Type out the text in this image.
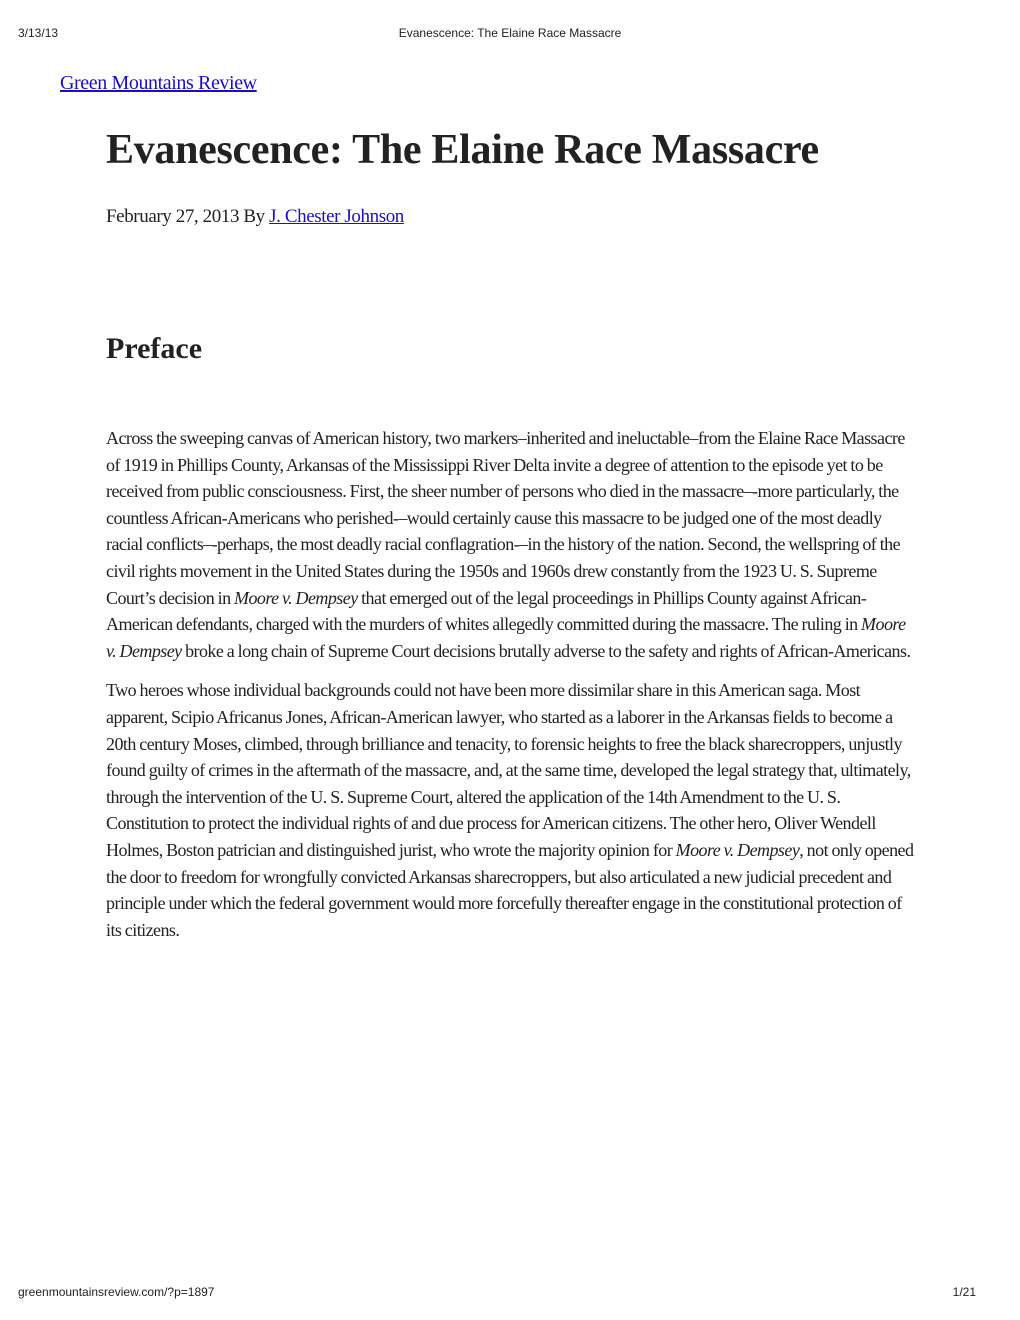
3/13/13	Evanescence: The Elaine Race Massacre
Green Mountains Review
Evanescence: The Elaine Race Massacre
February 27, 2013 By J. Chester Johnson
Preface

Across the sweeping canvas of American history, two markers–inherited and ineluctable–from the Elaine Race Massacre of 1919 in Phillips County, Arkansas of the Mississippi River Delta invite a degree of attention to the episode yet to be received from public consciousness. First, the sheer number of persons who died in the massacre–-more particularly, the countless African-Americans who perished-–would certainly cause this massacre to be judged one of the most deadly racial conflicts–-perhaps, the most deadly racial conflagration-–in the history of the nation. Second, the wellspring of the civil rights movement in the United States during the 1950s and 1960s drew constantly from the 1923 U. S. Supreme Court’s decision in Moore v. Dempsey that emerged out of the legal proceedings in Phillips County against African-American defendants, charged with the murders of whites allegedly committed during the massacre. The ruling in Moore v. Dempsey broke a long chain of Supreme Court decisions brutally adverse to the safety and rights of African-Americans.

Two heroes whose individual backgrounds could not have been more dissimilar share in this American saga. Most apparent, Scipio Africanus Jones, African-American lawyer, who started as a laborer in the Arkansas fields to become a 20th century Moses, climbed, through brilliance and tenacity, to forensic heights to free the black sharecroppers, unjustly found guilty of crimes in the aftermath of the massacre, and, at the same time, developed the legal strategy that, ultimately, through the intervention of the U. S. Supreme Court, altered the application of the 14th Amendment to the U. S. Constitution to protect the individual rights of and due process for American citizens. The other hero, Oliver Wendell Holmes, Boston patrician and distinguished jurist, who wrote the majority opinion for Moore v. Dempsey, not only opened the door to freedom for wrongfully convicted Arkansas sharecroppers, but also articulated a new judicial precedent and principle under which the federal government would more forcefully thereafter engage in the constitutional protection of its citizens.

greenmountainsreview.com/?p=1897	1/21
